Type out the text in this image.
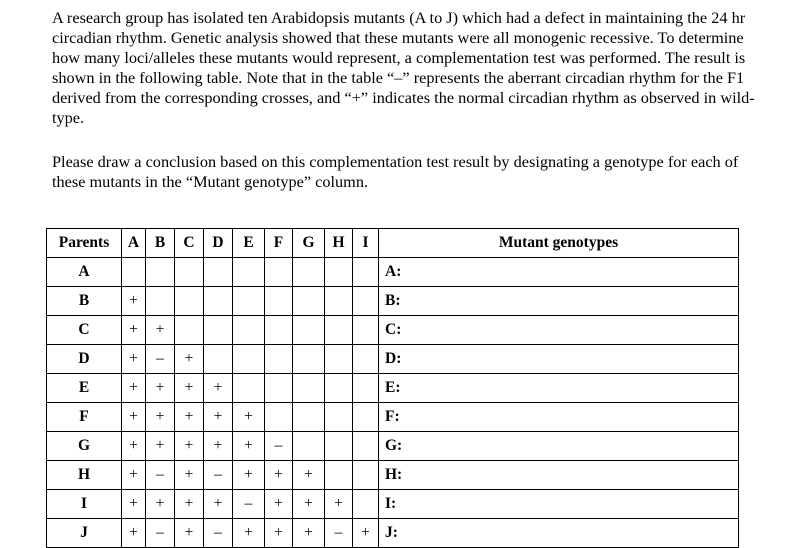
A research group has isolated ten Arabidopsis mutants (A to J) which had a defect in maintaining the 24 hr circadian rhythm. Genetic analysis showed that these mutants were all monogenic recessive. To determine how many loci/alleles these mutants would represent, a complementation test was performed. The result is shown in the following table. Note that in the table “–” represents the aberrant circadian rhythm for the F1 derived from the corresponding crosses, and “+” indicates the normal circadian rhythm as observed in wild-type.
Please draw a conclusion based on this complementation test result by designating a genotype for each of these mutants in the “Mutant genotype” column.
Parents	A	B	C	D	E	F	G	H	I	Mutant genotypes
A										A:
B	+									B:
C	+	+								C:
D	+	–	+							D:
E	+	+	+	+						E:
F	+	+	+	+	+					F:
G	+	+	+	+	+	–				G:
H	+	–	+	–	+	+	+			H:
I	+	+	+	+	–	+	+	+		I:
J	+	–	+	–	+	+	+	–	+	J:
